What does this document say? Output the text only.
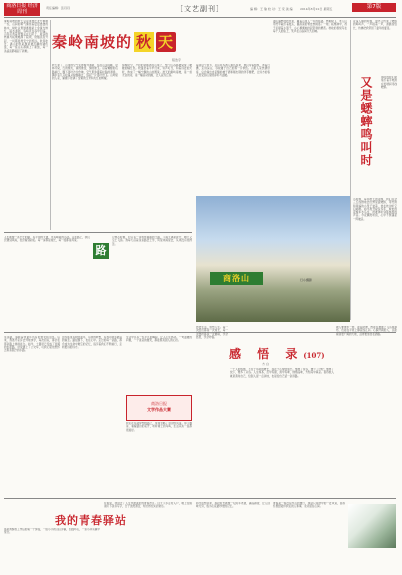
商洛日报 经济周刊
责任编辑：张丹丹	［文艺副刊］	编 辑：王 瑜 校 对：王 宋 美 编 2014年8月22日 星期五	第7版
秦岭南坡的秋天总是来得比北方稍晚一些，山间的雾气缠绕着层层叠叠的林木，树叶从青绿渐渐染上金黄与绯红，溪水清冽，鸟鸣声在谷中回荡。山民们背着背篓走在石阶上，收获的核桃与板栗堆满了院坝，炊烟袅袅升起，一切都显得安宁而悠远。秋风吹过，满山的色彩像是被打翻的调色盘，每一座山头都换上了新装，每一条溪流都唱起了新歌。
秦岭南坡的 秋 天
程浩宇
秋天来了，山里的空气变得格外清新，站在山顶远眺，层林尽染，红的像火，黄的像金，绿的像玉。沿着蜿蜒的山路前行，脚下落叶沙沙作响，空气里弥漫着松脂的清香。偶尔有几只松鼠从树梢跳过，惊起一片落叶纷飞。山坳里的人家，屋檐下挂满了金黄的玉米和火红的辣椒。
傍晚时分，夕阳的余晖洒在山梁上，整个山谷都被染成了暖暖的橘红色。牧童赶着牛羊归来，铃声叮当，和着远处的犬吠，构成了一幅宁静的山村图景。秋天的秦岭南坡，是一首无言的诗，是一幅流动的画，让人流连忘返。
每到这个季节，总有许多游人慕名而来，他们带着相机，背着行囊，走进深山，寻找属于自己的那一片秋色。山里人家热情好客，总会端出自家酿的柿子酒和刚出锅的洋芋糍粑，让远方的客人感受到山里的淳朴与温暖。
漫山遍野的秋色里，藏着山里人一年的希望。核桃树下，老人们用竹竿敲打着枝头，圆滚滚的青皮核桃落了一地；板栗林中，孩子们提着小篮子，小心翼翼地拾起带刺的栗苞。秋收的喜悦写在每个人的脸上，笑声在山谷间久久回响。
夜深人静的时候，窗外又传来了蟋蟀的鸣叫声，一声接着一声，清脆而悠长，仿佛把我带回了童年的夏夜。
又是蟋蟀鸣叫时	那时的我们常常打着手电筒在田埂间寻找蟋蟀。
小时候，每到秋天的夜晚，我们总会三五成群地去田野里捉蟋蟀，用竹筒和草编的小笼子装着，放在枕边听它们唱歌。如今离开故乡多年，城市的夜晚车水马龙，很难再听到那熟悉的声音。今夜偶然听到，心中不禁涌起一阵暖意。
人生就像一条长长的路，有平坦的大道，也有崎岖的小径。走在路上，我们会遇到风雨，也会看到彩虹。每一步都是成长，每一段都是风景。
路
记得小时候，村口有一条弯弯曲曲的土路，下雨天满是泥泞，晴天又尘土飞扬。我每天沿着这条路去上学，风里来雨里去，从来没有觉得苦。
商洛山	行小摄影
这条路，承载着我童年所有的欢笑和泪水。后来，我离开家乡去外地求学，每次回家，都会在那条路上徘徊许久。如今，土路早已变成了宽阔的水泥路，村里通上了公交车，可我心里依然怀念那条泥泞的小路。
因为那里有我的童年，有我的梦想，有我对故乡最深的眷恋。路在脚下，也在心中。走过的每一条路，都会成为生命中难忘的记忆，指引着我们不断前行，走向更远的远方。
生活中总有一些平凡的瞬间，让人心生感动。一句温暖的问候，一个善意的微笑，都能照亮别人的心田。
商洛日报
文学作品大赛
我们在追逐梦想的路上，常常忽略了身边的风景。停下脚步，看看路边的花开，听听树上的鸟鸣，生活其实一直都很美好。
感悟生活，感悟人生。每一次经历都是一次成长，每一次挫折都是一次磨砺，学会感恩，学会珍惜。
感 悟 录(107)
方 白
一个人的成熟，不在于年龄的增长，而在于心智的成长。懂得了包容，便少了计较；懂得了放下，便多了从容。人生如茶，苦中有甜，淡中有味，细细品味，方知其中真意。善待他人就是善待自己，给别人留一点余地，也是给自己留一条退路。
做人要像水一样，能屈能伸，既能在悬崖上飞泻成瀑布，也能在平原上静流成江河。心胸开阔的人，总能看到更广阔的天地，活得更加自在洒脱。
我的青春驿站
那是我参加工作后的第一个驿站，一座小小的山区乡镇，四面环山，一条小河从镇中穿过。
在那里，我度过了人生中最美好的青春岁月。白天下乡走村入户，晚上在煤油灯下读书写字，日子虽然清苦，却过得充实而快乐。
如今回想起来，那段时光就像一坛陈年老酒，越品越香，让人回味无穷，成为心底最珍贵的记忆。
青春是一场没有终点的旅行，驿站只是途中的一处风景，而那些曾经陪伴我们的人和事，永远留在心间。
